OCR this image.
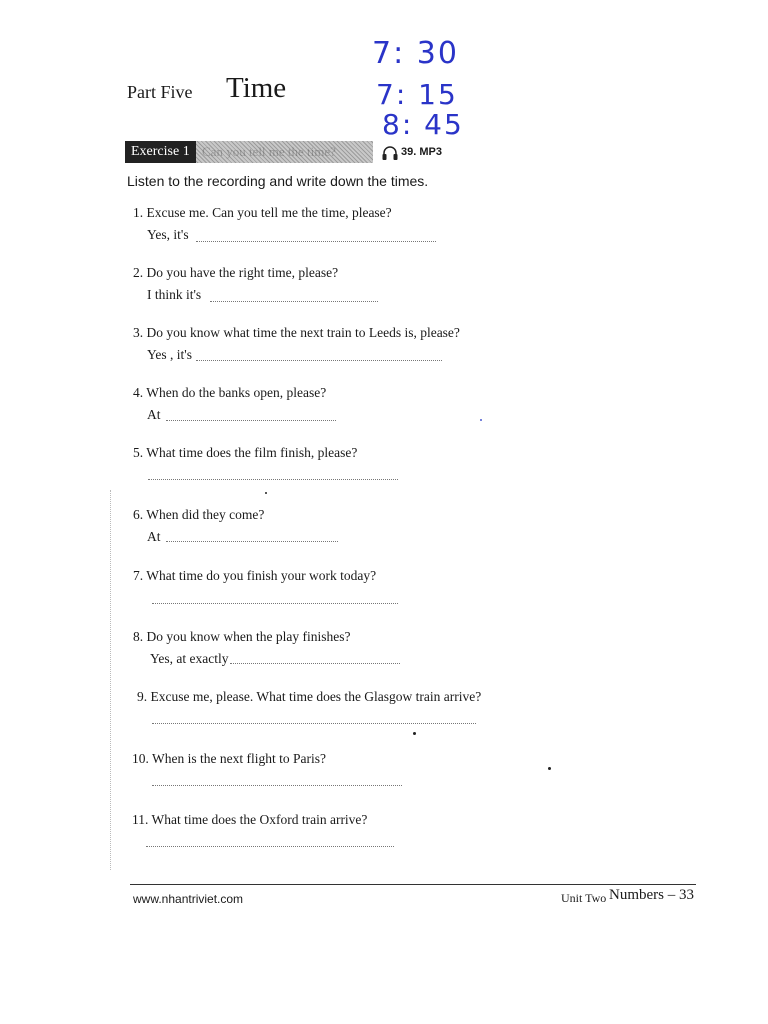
Part Five Time
7: 30
7: 15
8: 45
Can you tell me the time?
Exercise 1	39. MP3
Listen to the recording and write down the times.
1. Excuse me. Can you tell me the time, please?
Yes, it's
2. Do you have the right time, please?
I think it's
3. Do you know what time the next train to Leeds is, please?
Yes , it's
4. When do the banks open, please?
At
5. What time does the film finish, please?
6. When did they come?
At
7. What time do you finish your work today?
8. Do you know when the play finishes?
Yes, at exactly
9. Excuse me, please. What time does the Glasgow train arrive?
10. When is the next flight to Paris?
11. What time does the Oxford train arrive?
www.nhantriviet.com	Unit Two Numbers – 33
